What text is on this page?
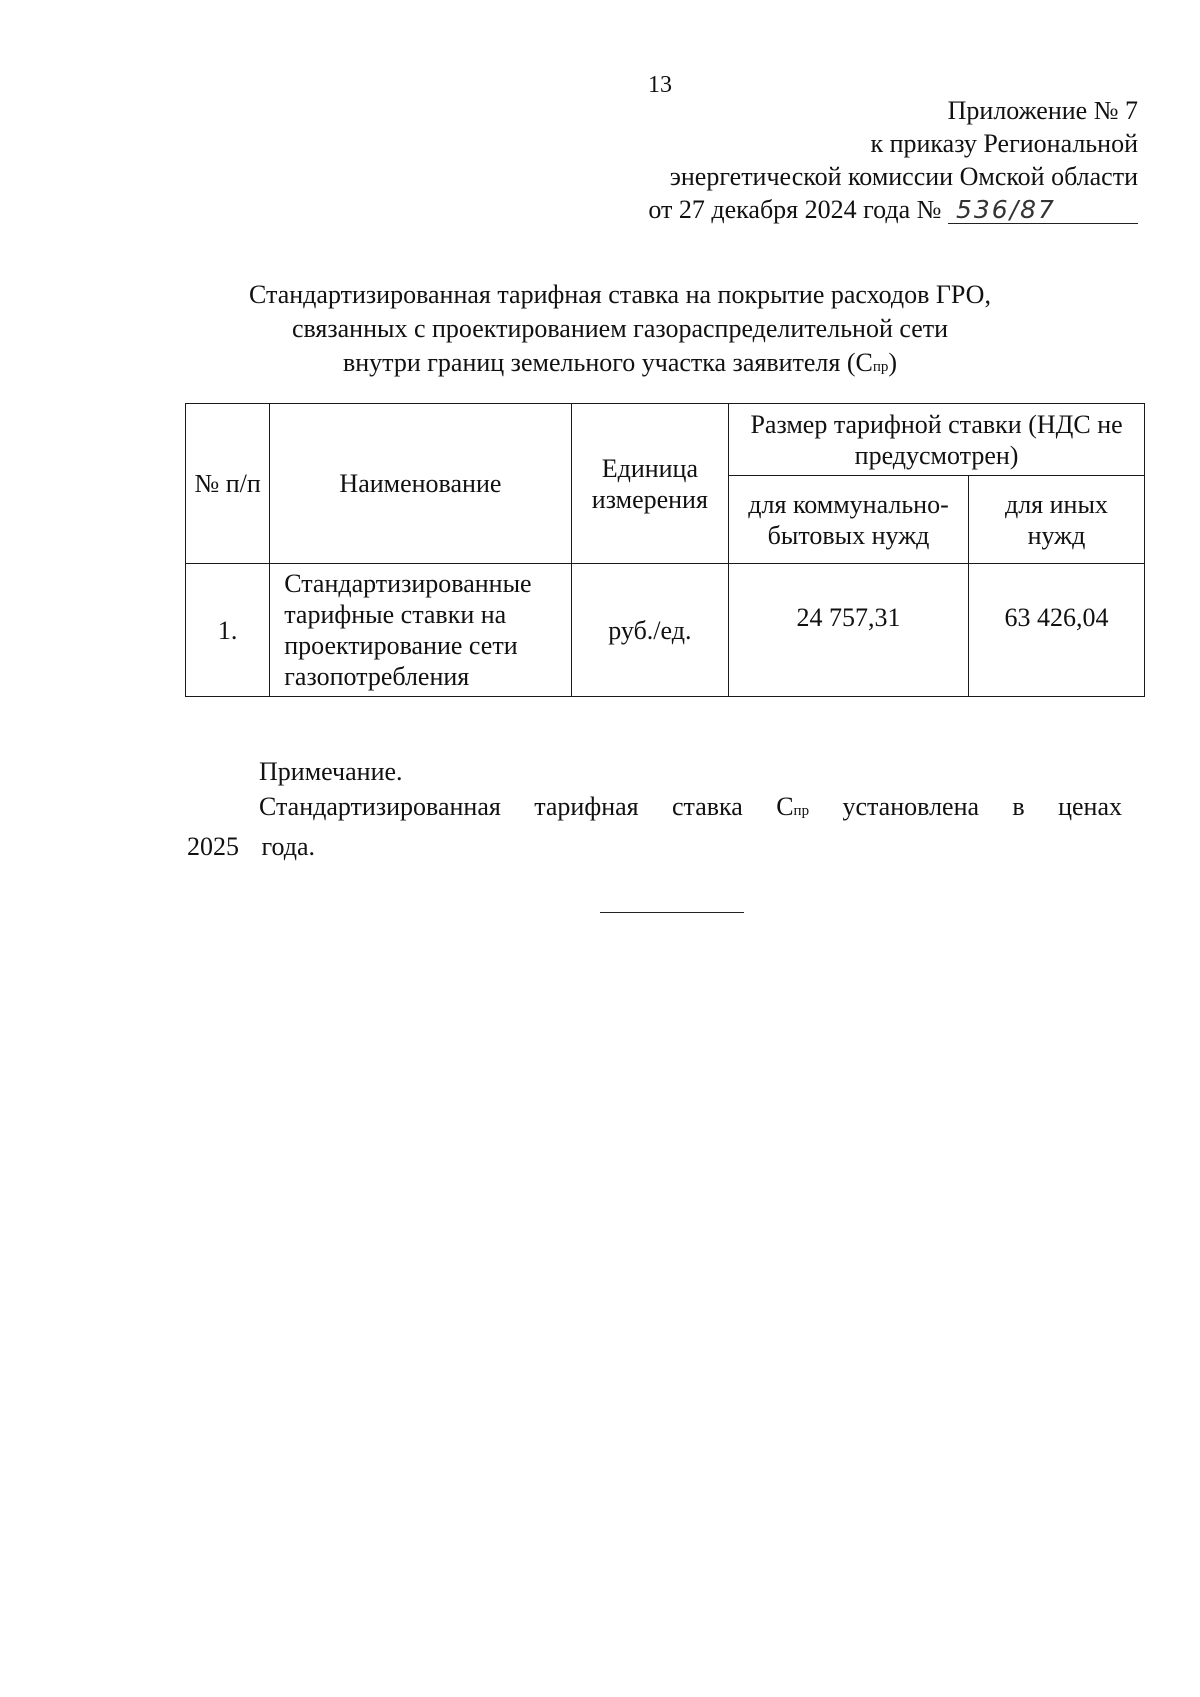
13
Приложение № 7
к приказу Региональной
энергетической комиссии Омской области
от 27 декабря 2024 года № 536/87
Стандартизированная тарифная ставка на покрытие расходов ГРО,
связанных с проектированием газораспределительной сети
внутри границ земельного участка заявителя (Спр)
№ п/п	Наименование	Единица измерения	Размер тарифной ставки (НДС не предусмотрен)	
			для коммунально-бытовых нужд	для иных нужд
1.	Стандартизированные тарифные ставки на проектирование сети газопотребления	руб./ед.	24 757,31	63 426,04
Примечание.
Стандартизированная тарифная ставка Спр установлена в ценах 2025 года.
